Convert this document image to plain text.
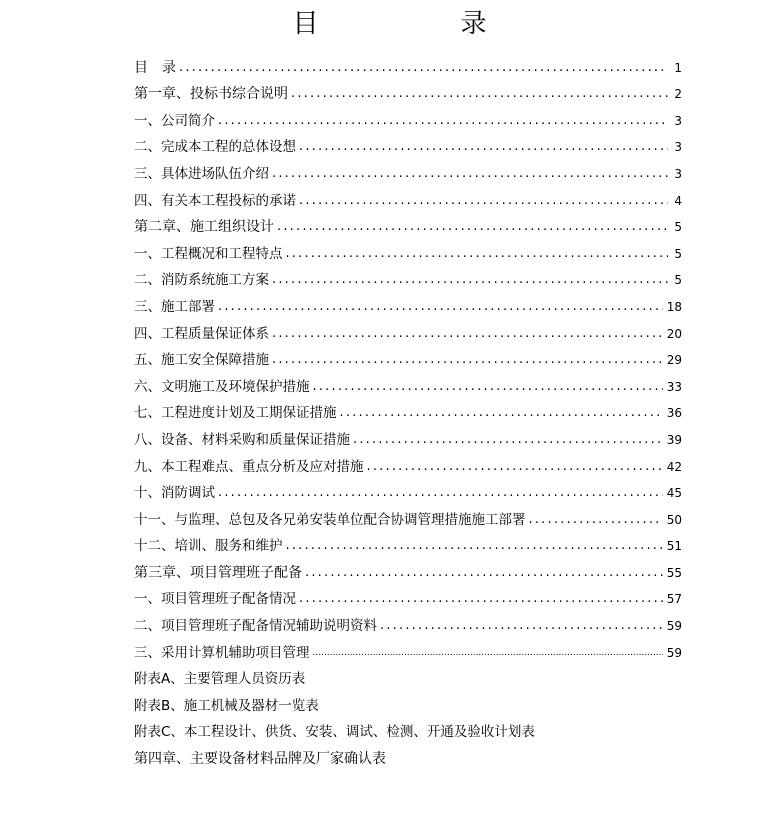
目　录
目　录 .....	1
第一章、投标书综合说明 .....	2
一、公司简介 .....	3
二、完成本工程的总体设想 .....	3
三、具体进场队伍介绍 .....	3
四、有关本工程投标的承诺 .....	4
第二章、施工组织设计 .....	5
一、工程概况和工程特点 .....	5
二、消防系统施工方案 .....	5
三、施工部署 .....	18
四、工程质量保证体系 .....	20
五、施工安全保障措施 .....	29
六、文明施工及环境保护措施 .....	33
七、工程进度计划及工期保证措施 .....	36
八、设备、材料采购和质量保证措施 .....	39
九、本工程难点、重点分析及应对措施 .....	42
十、消防调试 .....	45
十一、与监理、总包及各兄弟安装单位配合协调管理措施施工部署 .....	50
十二、培训、服务和维护 .....	51
第三章、项目管理班子配备 .....	55
一、项目管理班子配备情况 .....	57
二、项目管理班子配备情况辅助说明资料 .....	59
三、采用计算机辅助项目管理 .....	59
附表A、主要管理人员资历表
附表B、施工机械及器材一览表
附表C、本工程设计、供货、安装、调试、检测、开通及验收计划表
第四章、主要设备材料品牌及厂家确认表
